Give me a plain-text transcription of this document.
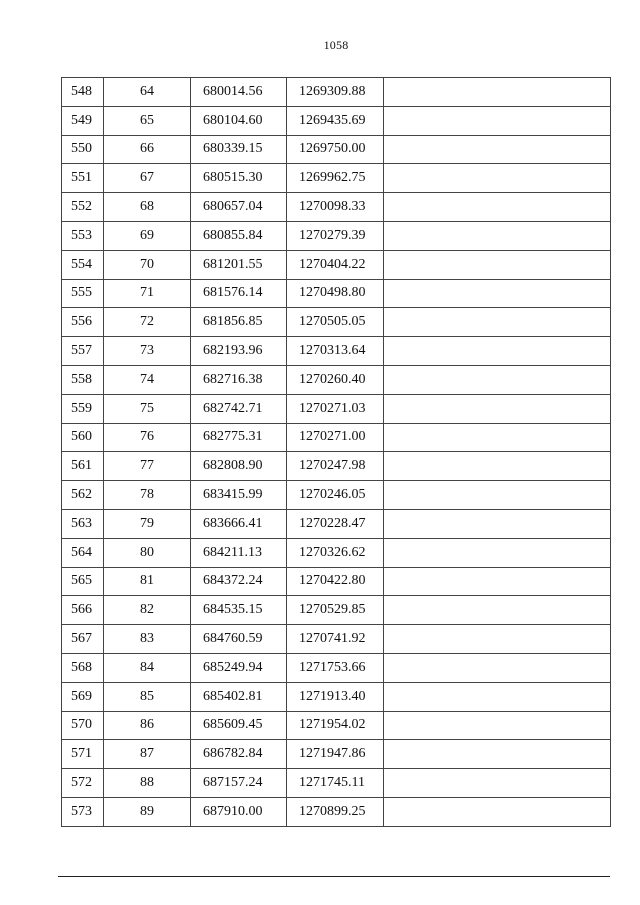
1058
548	64	680014.56	1269309.88	
549	65	680104.60	1269435.69	
550	66	680339.15	1269750.00	
551	67	680515.30	1269962.75	
552	68	680657.04	1270098.33	
553	69	680855.84	1270279.39	
554	70	681201.55	1270404.22	
555	71	681576.14	1270498.80	
556	72	681856.85	1270505.05	
557	73	682193.96	1270313.64	
558	74	682716.38	1270260.40	
559	75	682742.71	1270271.03	
560	76	682775.31	1270271.00	
561	77	682808.90	1270247.98	
562	78	683415.99	1270246.05	
563	79	683666.41	1270228.47	
564	80	684211.13	1270326.62	
565	81	684372.24	1270422.80	
566	82	684535.15	1270529.85	
567	83	684760.59	1270741.92	
568	84	685249.94	1271753.66	
569	85	685402.81	1271913.40	
570	86	685609.45	1271954.02	
571	87	686782.84	1271947.86	
572	88	687157.24	1271745.11	
573	89	687910.00	1270899.25	
